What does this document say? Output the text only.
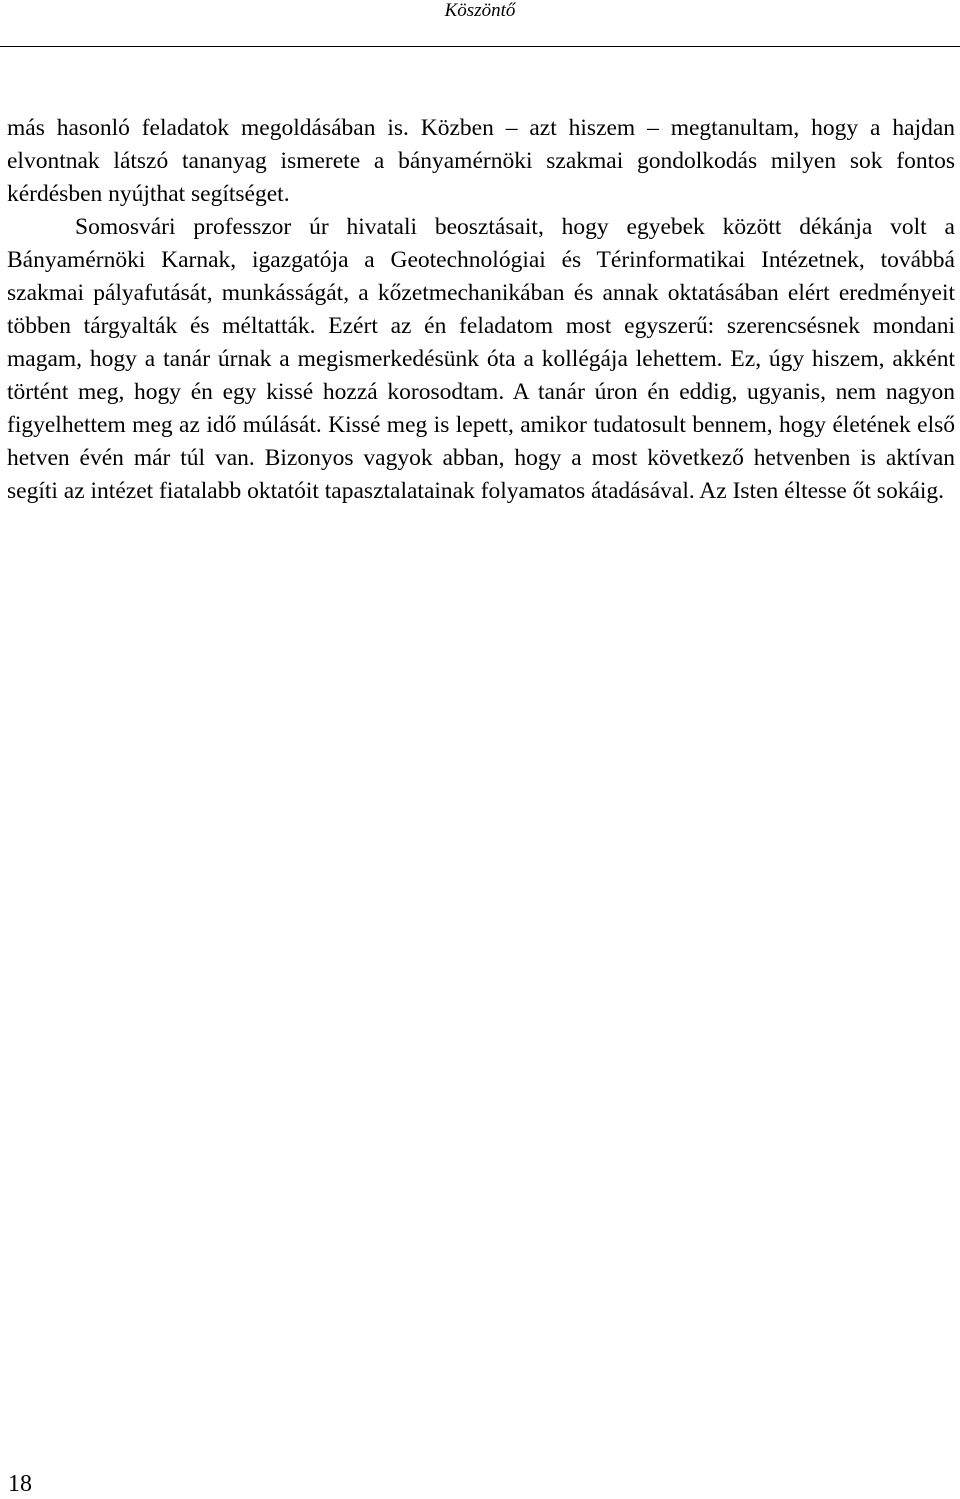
Köszöntő

más hasonló feladatok megoldásában is. Közben – azt hiszem – megtanultam, hogy a hajdan elvontnak látszó tananyag ismerete a bányamérnöki szakmai gondolkodás milyen sok fontos kérdésben nyújthat segítséget.

Somosvári professzor úr hivatali beosztásait, hogy egyebek között dékánja volt a Bányamérnöki Karnak, igazgatója a Geotechnológiai és Térinformatikai Intézetnek, továbbá szakmai pályafutását, munkásságát, a kőzetmechanikában és annak oktatásában elért eredményeit többen tárgyalták és méltatták. Ezért az én feladatom most egyszerű: szerencsésnek mondani magam, hogy a tanár úrnak a megismerkedésünk óta a kollégája lehettem. Ez, úgy hiszem, akként történt meg, hogy én egy kissé hozzá korosodtam. A tanár úron én eddig, ugyanis, nem nagyon figyelhettem meg az idő múlását. Kissé meg is lepett, amikor tudatosult bennem, hogy életének első hetven évén már túl van. Bizonyos vagyok abban, hogy a most következő hetvenben is aktívan segíti az intézet fiatalabb oktatóit tapasztalatainak folyamatos átadásával. Az Isten éltesse őt sokáig.

18
